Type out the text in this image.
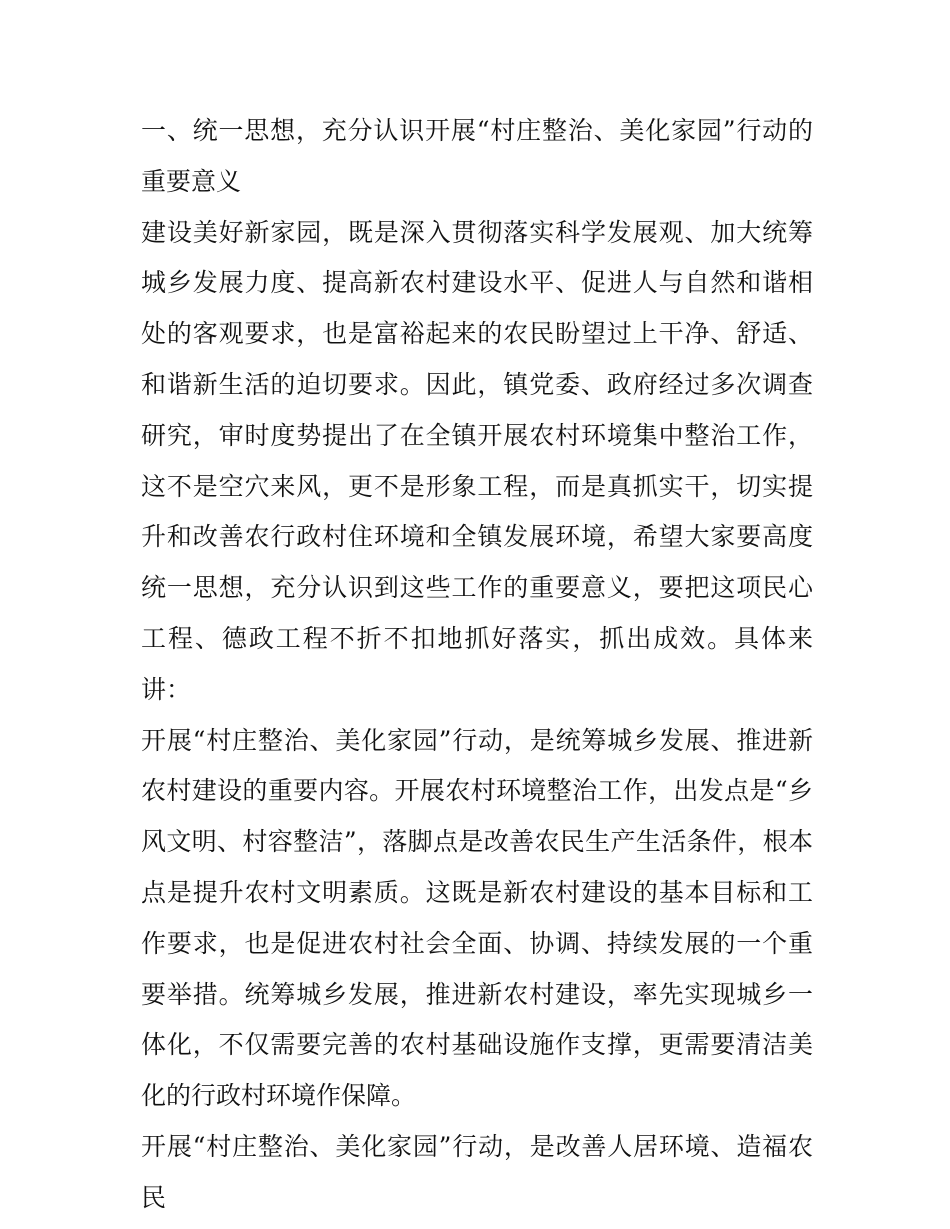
一、统一思想，充分认识开展“村庄整治、美化家园”行动的重要意义

建设美好新家园，既是深入贯彻落实科学发展观、加大统筹城乡发展力度、提高新农村建设水平、促进人与自然和谐相处的客观要求，也是富裕起来的农民盼望过上干净、舒适、和谐新生活的迫切要求。因此，镇党委、政府经过多次调查研究，审时度势提出了在全镇开展农村环境集中整治工作，这不是空穴来风，更不是形象工程，而是真抓实干，切实提升和改善农行政村住环境和全镇发展环境，希望大家要高度统一思想，充分认识到这些工作的重要意义，要把这项民心工程、德政工程不折不扣地抓好落实，抓出成效。具体来讲：

开展“村庄整治、美化家园”行动，是统筹城乡发展、推进新农村建设的重要内容。开展农村环境整治工作，出发点是“乡风文明、村容整洁”，落脚点是改善农民生产生活条件，根本点是提升农村文明素质。这既是新农村建设的基本目标和工作要求，也是促进农村社会全面、协调、持续发展的一个重要举措。统筹城乡发展，推进新农村建设，率先实现城乡一体化，不仅需要完善的农村基础设施作支撑，更需要清洁美化的行政村环境作保障。

开展“村庄整治、美化家园”行动，是改善人居环境、造福农民
